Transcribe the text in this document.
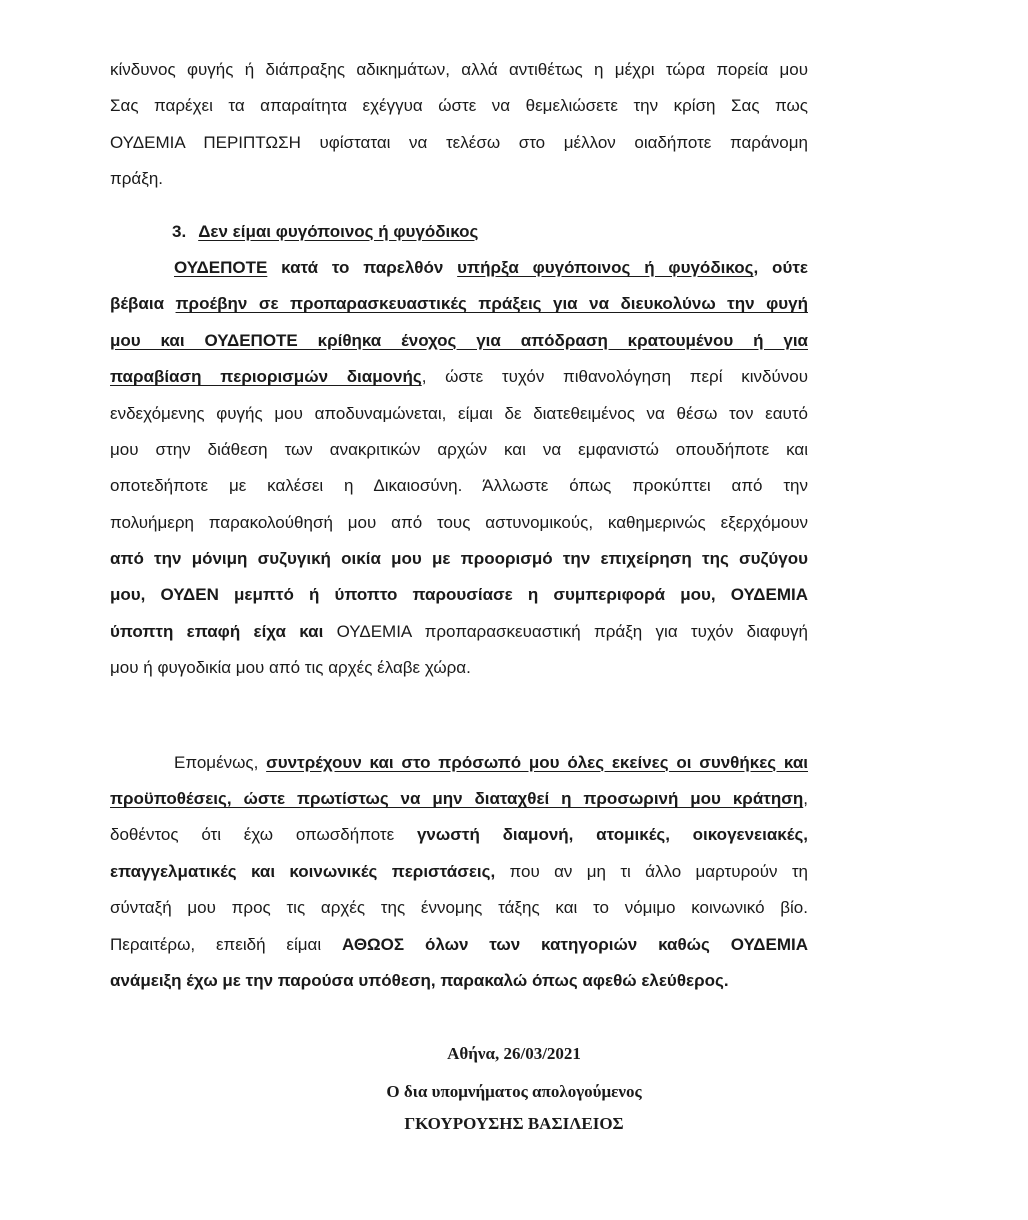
κίνδυνος φυγής ή διάπραξης αδικημάτων, αλλά αντιθέτως η μέχρι τώρα πορεία μου
Σας παρέχει τα απαραίτητα εχέγγυα ώστε να θεμελιώσετε την κρίση Σας πως
ΟΥΔΕΜΙΑ ΠΕΡΙΠΤΩΣΗ υφίσταται να τελέσω στο μέλλον οιαδήποτε παράνομη
πράξη.
3. Δεν είμαι φυγόποινος ή φυγόδικος
ΟΥΔΕΠΟΤΕ κατά το παρελθόν υπήρξα φυγόποινος ή φυγόδικος, ούτε
βέβαια προέβην σε προπαρασκευαστικές πράξεις για να διευκολύνω την φυγή
μου και ΟΥΔΕΠΟΤΕ κρίθηκα ένοχος για απόδραση κρατουμένου ή για
παραβίαση περιορισμών διαμονής, ώστε τυχόν πιθανολόγηση περί κινδύνου
ενδεχόμενης φυγής μου αποδυναμώνεται, είμαι δε διατεθειμένος να θέσω τον εαυτό
μου στην διάθεση των ανακριτικών αρχών και να εμφανιστώ οπουδήποτε και
οποτεδήποτε με καλέσει η Δικαιοσύνη. Άλλωστε όπως προκύπτει από την
πολυήμερη παρακολούθησή μου από τους αστυνομικούς, καθημερινώς εξερχόμουν
από την μόνιμη συζυγική οικία μου με προορισμό την επιχείρηση της συζύγου
μου, ΟΥΔΕΝ μεμπτό ή ύποπτο παρουσίασε η συμπεριφορά μου, ΟΥΔΕΜΙΑ
ύποπτη επαφή είχα και ΟΥΔΕΜΙΑ προπαρασκευαστική πράξη για τυχόν διαφυγή
μου ή φυγοδικία μου από τις αρχές έλαβε χώρα.
Επομένως, συντρέχουν και στο πρόσωπό μου όλες εκείνες οι συνθήκες και
προϋποθέσεις, ώστε πρωτίστως να μην διαταχθεί η προσωρινή μου κράτηση,
δοθέντος ότι έχω οπωσδήποτε γνωστή διαμονή, ατομικές, οικογενειακές,
επαγγελματικές και κοινωνικές περιστάσεις, που αν μη τι άλλο μαρτυρούν τη
σύνταξή μου προς τις αρχές της έννομης τάξης και το νόμιμο κοινωνικό βίο.
Περαιτέρω, επειδή είμαι ΑΘΩΟΣ όλων των κατηγοριών καθώς ΟΥΔΕΜΙΑ
ανάμειξη έχω με την παρούσα υπόθεση, παρακαλώ όπως αφεθώ ελεύθερος.
Αθήνα, 26/03/2021
Ο δια υπομνήματος απολογούμενος
ΓΚΟΥΡΟΥΣΗΣ ΒΑΣΙΛΕΙΟΣ
